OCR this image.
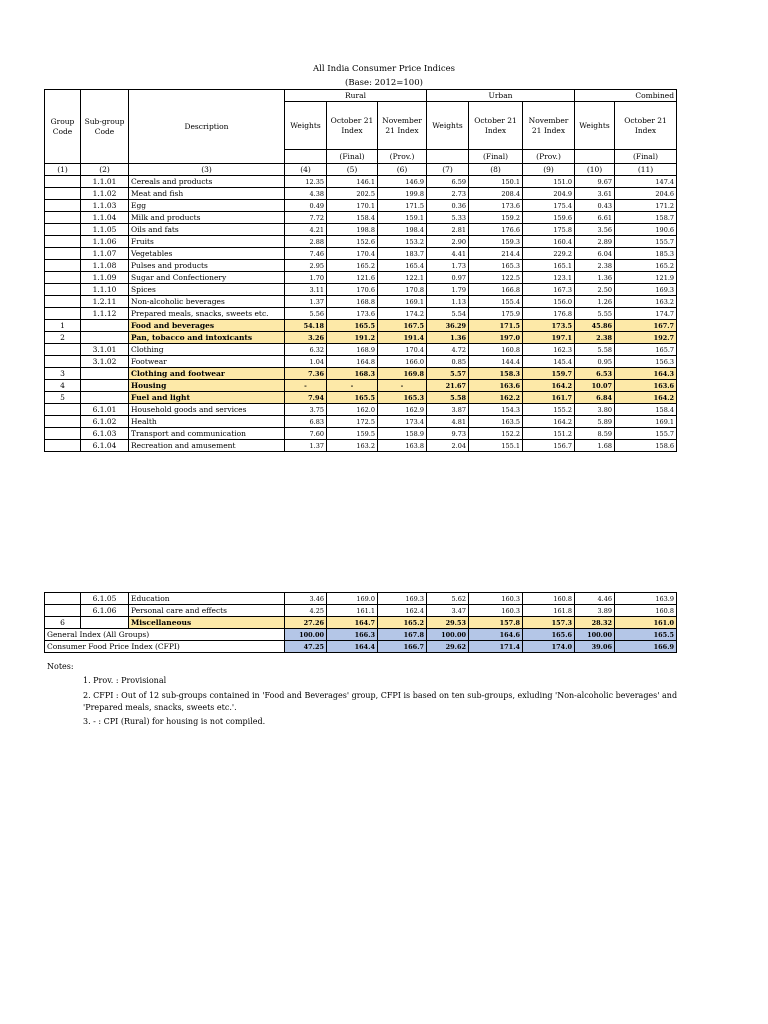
All India Consumer Price Indices
(Base: 2012=100)
Group Code	Sub-group Code	Description	Rural			Urban			Combined	
			Weights	October 21 Index	November 21 Index	Weights	October 21 Index	November 21 Index	Weights	October 21 Index
				(Final)	(Prov.)		(Final)	(Prov.)		(Final)
(1)	(2)	(3)	(4)	(5)	(6)	(7)	(8)	(9)	(10)	(11)
	1.1.01	Cereals and products	12.35	146.1	146.9	6.59	150.1	151.0	9.67	147.4
	1.1.02	Meat and fish	4.38	202.5	199.8	2.73	208.4	204.9	3.61	204.6
	1.1.03	Egg	0.49	170.1	171.5	0.36	173.6	175.4	0.43	171.2
	1.1.04	Milk and products	7.72	158.4	159.1	5.33	159.2	159.6	6.61	158.7
	1.1.05	Oils and fats	4.21	198.8	198.4	2.81	176.6	175.8	3.56	190.6
	1.1.06	Fruits	2.88	152.6	153.2	2.90	159.3	160.4	2.89	155.7
	1.1.07	Vegetables	7.46	170.4	183.7	4.41	214.4	229.2	6.04	185.3
	1.1.08	Pulses and products	2.95	165.2	165.4	1.73	165.3	165.1	2.38	165.2
	1.1.09	Sugar and Confectionery	1.70	121.6	122.1	0.97	122.5	123.1	1.36	121.9
	1.1.10	Spices	3.11	170.6	170.8	1.79	166.8	167.3	2.50	169.3
	1.2.11	Non-alcoholic beverages	1.37	168.8	169.1	1.13	155.4	156.0	1.26	163.2
	1.1.12	Prepared meals, snacks, sweets etc.	5.56	173.6	174.2	5.54	175.9	176.8	5.55	174.7
1		Food and beverages	54.18	165.5	167.5	36.29	171.5	173.5	45.86	167.7
2		Pan, tobacco and intoxicants	3.26	191.2	191.4	1.36	197.0	197.1	2.38	192.7
	3.1.01	Clothing	6.32	168.9	170.4	4.72	160.8	162.3	5.58	165.7
	3.1.02	Footwear	1.04	164.8	166.0	0.85	144.4	145.4	0.95	156.3
3		Clothing and footwear	7.36	168.3	169.8	5.57	158.3	159.7	6.53	164.3
4		Housing	-	-	-	21.67	163.6	164.2	10.07	163.6
5		Fuel and light	7.94	165.5	165.3	5.58	162.2	161.7	6.84	164.2
	6.1.01	Household goods and services	3.75	162.0	162.9	3.87	154.3	155.2	3.80	158.4
	6.1.02	Health	6.83	172.5	173.4	4.81	163.5	164.2	5.89	169.1
	6.1.03	Transport and communication	7.60	159.5	158.9	9.73	152.2	151.2	8.59	155.7
	6.1.04	Recreation and amusement	1.37	163.2	163.8	2.04	155.1	156.7	1.68	158.6
	6.1.05	Education	3.46	169.0	169.3	5.62	160.3	160.8	4.46	163.9
	6.1.06	Personal care and effects	4.25	161.1	162.4	3.47	160.3	161.8	3.89	160.8
6		Miscellaneous	27.26	164.7	165.2	29.53	157.8	157.3	28.32	161.0
General Index (All Groups)			100.00	166.3	167.8	100.00	164.6	165.6	100.00	165.5
Consumer Food Price Index (CFPI)			47.25	164.4	166.7	29.62	171.4	174.0	39.06	166.9
Notes:
1. Prov. : Provisional
2. CFPI : Out of 12 sub-groups contained in 'Food and Beverages' group, CFPI is based on ten sub-groups, exluding 'Non-alcoholic beverages' and
'Prepared meals, snacks, sweets etc.'.
3. - : CPI (Rural) for housing is not compiled.
